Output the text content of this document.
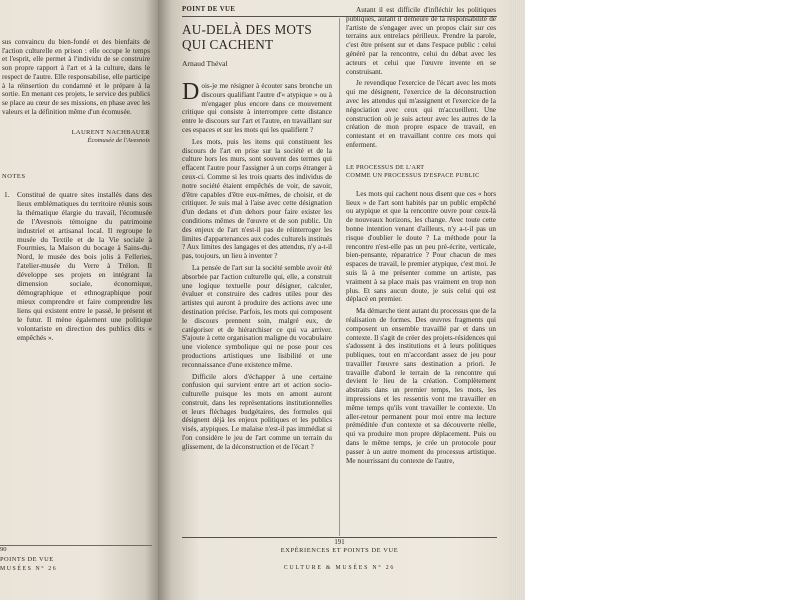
sus convaincu du bien-fondé et des bienfaits de l'action culturelle en prison : elle occupe le temps et l'esprit, elle permet à l'individu de se construire son propre rapport à l'art et à la culture, dans le respect de l'autre. Elle responsabilise, elle participe à la réinsertion du condamné et le prépare à la sortie. En menant ces projets, le service des publics se place au cœur de ses missions, en phase avec les valeurs et la définition même d'un écomusée.
LAURENT NACHBAUER
Écomusée de l'Avesnois
NOTES
1. Constitué de quatre sites installés dans des lieux emblématiques du territoire réunis sous la thématique élargie du travail, l'écomusée de l'Avesnois témoigne du patrimoine industriel et artisanal local. Il regroupe le musée du Textile et de la Vie sociale à Fourmies, la Maison du bocage à Sains-du-Nord, le musée des bois jolis à Felleries, l'atelier-musée du Verre à Trélon. Il développe ses projets en intégrant la dimension sociale, économique, démographique et ethnographique pour mieux comprendre et faire comprendre les liens qui existent entre le passé, le présent et le futur. Il mène également une politique volontariste en direction des publics dits « empêchés ».
90
POINTS DE VUE
MUSÉES N° 26
POINT DE VUE
AU-DELÀ DES MOTS QUI CACHENT
Arnaud Théval

Dois-je me résigner à écouter sans bronche un discours qualifiant l'autre d'« atypique » ou à m'engager plus encore dans ce mouvement critique qui consiste à interrompre cette distance entre le discours sur l'art et l'autre, en travaillant sur ces espaces et sur les mots qui les qualifient ?

Les mots, puis les items qui constituent les discours de l'art en prise sur la société et de la culture hors les murs, sont souvent des termes qui effacent l'autre pour l'assigner à un corps étranger à ceux-ci. Comme si les trois quarts des individus de notre société étaient empêchés de voir, de savoir, d'être capables d'être eux-mêmes, de choisir, et de critiquer. Je suis mal à l'aise avec cette désignation d'un dedans et d'un dehors pour faire exister les conditions mêmes de l'œuvre et de son public. Un des enjeux de l'art n'est-il pas de réinterroger les limites d'appartenances aux codes culturels institués ? Aux limites des langages et des attendus, n'y a-t-il pas, toujours, un lieu à inventer ?

La pensée de l'art sur la société semble avoir été absorbée par l'action culturelle qui, elle, a construit une logique textuelle pour désigner, calculer, évaluer et construire des cadres utiles pour des artistes qui auront à produire des actions avec une destination précise. Parfois, les mots qui composent le discours prennent soin, malgré eux, de catégoriser et de hiérarchiser ce qui va arriver. S'ajoute à cette organisation maligne du vocabulaire une violence symbolique qui ne pose pour ces productions artistiques une lisibilité et une reconnaissance d'une existence même.

Difficile alors d'échapper à une certaine confusion qui survient entre art et action socio-culturelle puisque les mots en amont auront construit, dans les représentations institutionnelles et leurs fléchages budgétaires, des formules qui désignent déjà les enjeux politiques et les publics visés, atypiques. Le malaise n'est-il pas immédiat si l'on considère le jeu de l'art comme un terrain du glissement, de la déconstruction et de l'écart ?

Autant il est difficile d'infléchir les politiques publiques, autant il demeure de la responsabilité de l'artiste de s'engager avec un propos clair sur ces terrains aux entrelacs périlleux. Prendre la parole, c'est être présent sur et dans l'espace public : celui généré par la rencontre, celui du débat avec les acteurs et celui que l'œuvre invente en se construisant.

Je revendique l'exercice de l'écart avec les mots qui me désignent, l'exercice de la déconstruction avec les attendus qui m'assignent et l'exercice de la négociation avec ceux qui m'accueillent. Une construction où je suis acteur avec les autres de la création de mon propre espace de travail, en contestant et en travaillant contre ces mots qui enferment.

LE PROCESSUS DE L'ART
COMME UN PROCESSUS D'ESPACE PUBLIC

Les mots qui cachent nous disent que ces « hors lieux » de l'art sont habités par un public empêché ou atypique et que la rencontre ouvre pour ceux-là de nouveaux horizons, les change. Avec toute cette bonne intention venant d'ailleurs, n'y a-t-il pas un risque d'oublier le doute ? La méthode pour la rencontre n'est-elle pas un peu pré-écrite, verticale, bien-pensante, réparatrice ? Pour chacun de mes espaces de travail, le premier atypique, c'est moi. Je suis là à me présenter comme un artiste, pas vraiment à sa place mais pas vraiment en trop non plus. Et sans aucun doute, je suis celui qui est déplacé en premier.

Ma démarche tient autant du processus que de la réalisation de formes. Des œuvres fragments qui composent un ensemble travaillé par et dans un contexte. Il s'agit de créer des projets-résidences qui s'adossent à des institutions et à leurs politiques publiques, tout en m'accordant assez de jeu pour travailler l'œuvre sans destination a priori. Je travaille d'abord le terrain de la rencontre qui devient le lieu de la création. Complètement abstraits dans un premier temps, les mots, les impressions et les ressentis vont me travailler en même temps qu'ils vont travailler le contexte. Un aller-retour permanent pour moi entre ma lecture préméditée d'un contexte et sa découverte réelle, qui va produire mon propre déplacement. Puis ou dans le même temps, je crée un protocole pour passer à un autre moment du processus artistique. Me nourrissant du contexte de l'autre,

191
EXPÉRIENCES ET POINTS DE VUE
CULTURE & MUSÉES N° 26
